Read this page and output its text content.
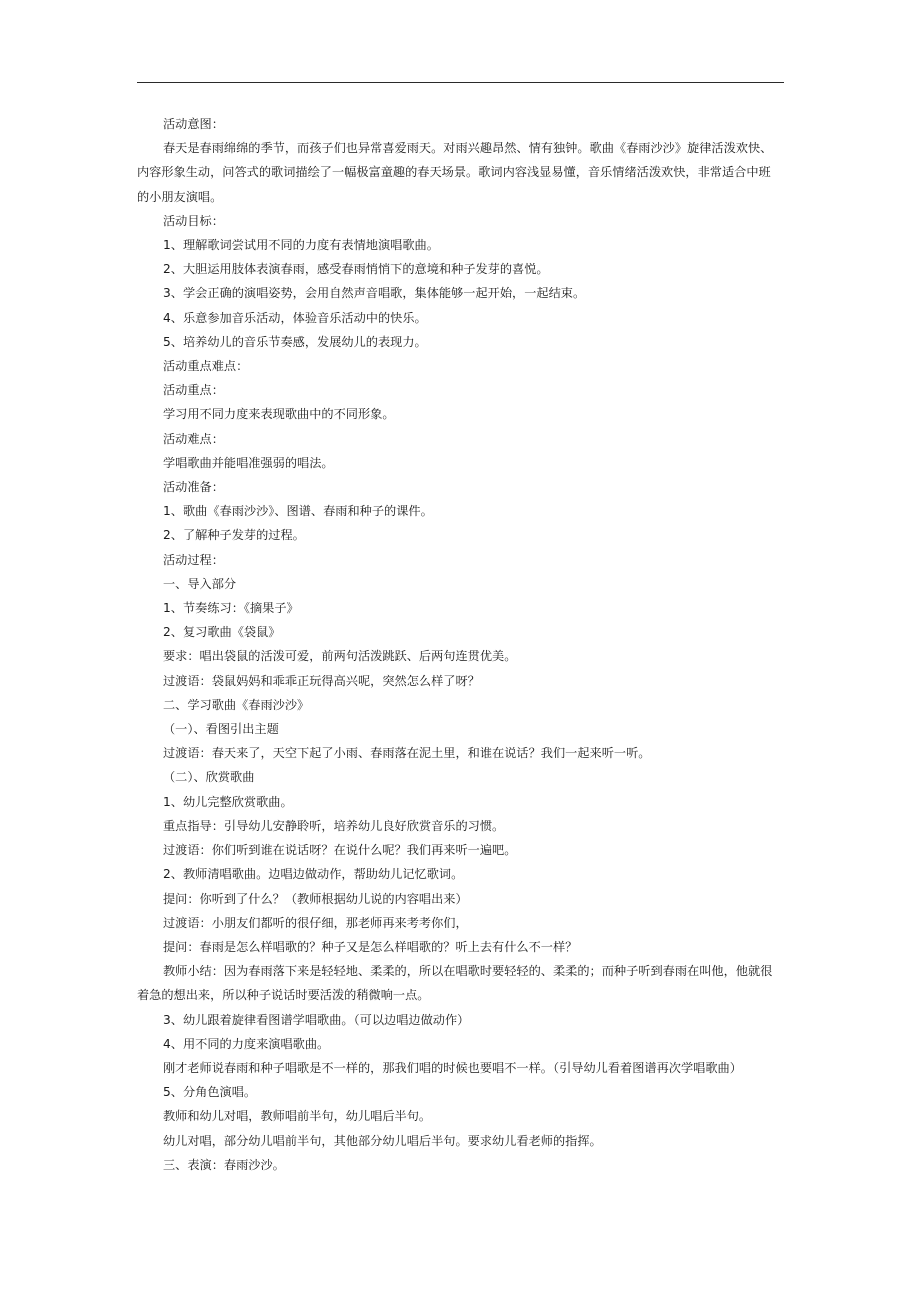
活动意图：

春天是春雨绵绵的季节，而孩子们也异常喜爱雨天。对雨兴趣昂然、情有独钟。歌曲《春雨沙沙》旋律活泼欢快、

内容形象生动，问答式的歌词描绘了一幅极富童趣的春天场景。歌词内容浅显易懂，音乐情绪活泼欢快，非常适合中班

的小朋友演唱。

活动目标：

1、理解歌词尝试用不同的力度有表情地演唱歌曲。

2、大胆运用肢体表演春雨，感受春雨悄悄下的意境和种子发芽的喜悦。

3、学会正确的演唱姿势，会用自然声音唱歌，集体能够一起开始，一起结束。

4、乐意参加音乐活动，体验音乐活动中的快乐。

5、培养幼儿的音乐节奏感，发展幼儿的表现力。

活动重点难点：

活动重点：

学习用不同力度来表现歌曲中的不同形象。

活动难点：

学唱歌曲并能唱准强弱的唱法。

活动准备：

1、歌曲《春雨沙沙》、图谱、春雨和种子的课件。

2、了解种子发芽的过程。

活动过程：

一、导入部分

1、节奏练习：《摘果子》

2、复习歌曲《袋鼠》

要求：唱出袋鼠的活泼可爱，前两句活泼跳跃、后两句连贯优美。

过渡语：袋鼠妈妈和乖乖正玩得高兴呢，突然怎么样了呀？

二、学习歌曲《春雨沙沙》

（一）、看图引出主题

过渡语：春天来了，天空下起了小雨、春雨落在泥土里，和谁在说话？我们一起来听一听。

（二）、欣赏歌曲

1、幼儿完整欣赏歌曲。

重点指导：引导幼儿安静聆听，培养幼儿良好欣赏音乐的习惯。

过渡语：你们听到谁在说话呀？在说什么呢？我们再来听一遍吧。

2、教师清唱歌曲。边唱边做动作，帮助幼儿记忆歌词。

提问：你听到了什么？（教师根据幼儿说的内容唱出来）

过渡语：小朋友们都听的很仔细，那老师再来考考你们，

提问：春雨是怎么样唱歌的？种子又是怎么样唱歌的？听上去有什么不一样？

教师小结：因为春雨落下来是轻轻地、柔柔的，所以在唱歌时要轻轻的、柔柔的；而种子听到春雨在叫他，他就很

着急的想出来，所以种子说话时要活泼的稍微响一点。

3、幼儿跟着旋律看图谱学唱歌曲。（可以边唱边做动作）

4、用不同的力度来演唱歌曲。

刚才老师说春雨和种子唱歌是不一样的，那我们唱的时候也要唱不一样。（引导幼儿看着图谱再次学唱歌曲）

5、分角色演唱。

教师和幼儿对唱，教师唱前半句，幼儿唱后半句。

幼儿对唱，部分幼儿唱前半句，其他部分幼儿唱后半句。要求幼儿看老师的指挥。

三、表演：春雨沙沙。
